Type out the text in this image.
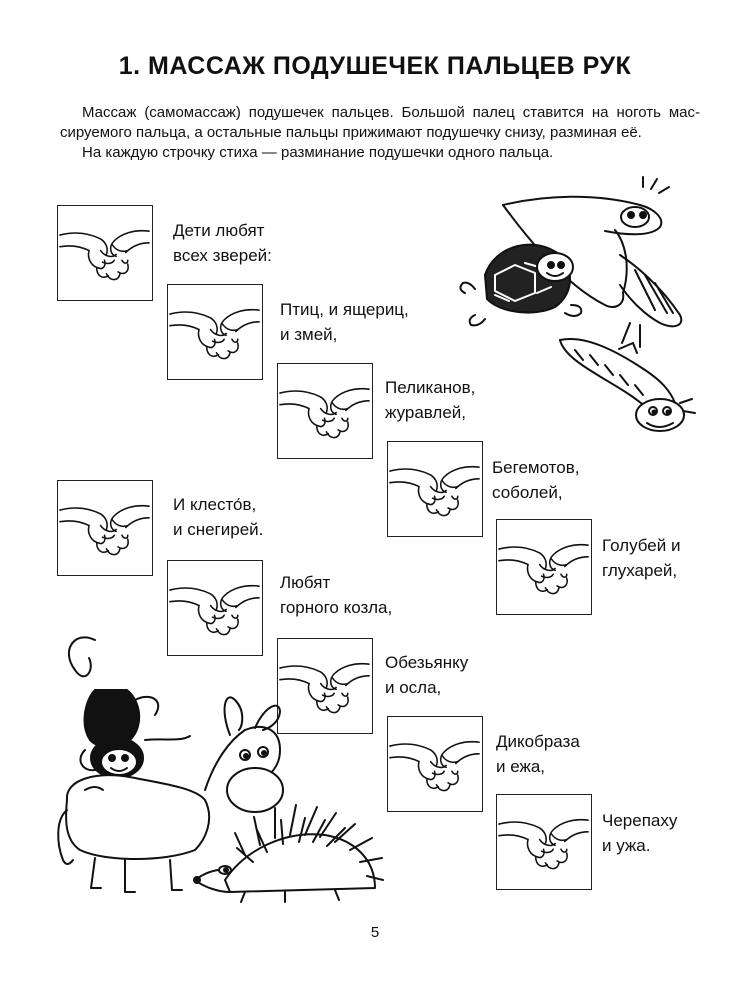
1. МАССАЖ ПОДУШЕЧЕК ПАЛЬЦЕВ РУК

Массаж (самомассаж) подушечек пальцев. Большой палец ставится на ноготь мас-сируемого пальца, а остальные пальцы прижимают подушечку снизу, разминая её.

На каждую строчку стиха — разминание подушечки одного пальца.

Дети любят
всех зверей:
Птиц, и ящериц,
и змей,
Пеликанов,
журавлей,
Бегемотов,
соболей,
Голубей и
глухарей,
И клесто́в,
и снегирей.
Любят
горного козла,
Обезьянку
и осла,
Дикобраза
и ежа,
Черепаху
и ужа.
5
